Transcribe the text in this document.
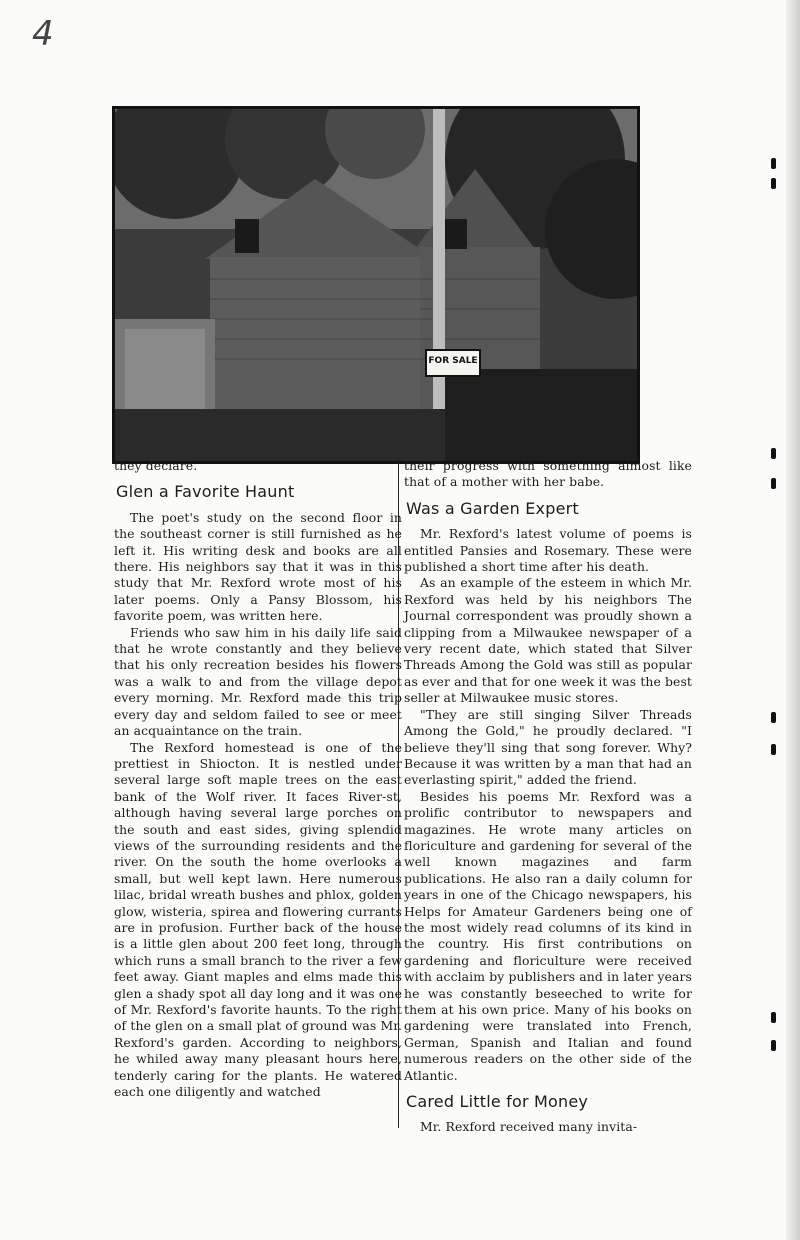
4
FOR SALE

they declare.

Glen a Favorite Haunt

The poet's study on the second floor in the southeast corner is still furnished as he left it. His writing desk and books are all there. His neighbors say that it was in this study that Mr. Rexford wrote most of his later poems. Only a Pansy Blossom, his favorite poem, was written here.

Friends who saw him in his daily life said that he wrote constantly and they believe that his only recreation besides his flowers was a walk to and from the village depot every morning. Mr. Rexford made this trip every day and seldom failed to see or meet an acquaintance on the train.

The Rexford homestead is one of the prettiest in Shiocton. It is nestled under several large soft maple trees on the east bank of the Wolf river. It faces River-st, although having several large porches on the south and east sides, giving splendid views of the surrounding residents and the river. On the south the home overlooks a small, but well kept lawn. Here numerous lilac, bridal wreath bushes and phlox, golden glow, wisteria, spirea and flowering currants are in profusion. Further back of the house is a little glen about 200 feet long, through which runs a small branch to the river a few feet away. Giant maples and elms made this glen a shady spot all day long and it was one of Mr. Rexford's favorite haunts. To the right of the glen on a small plat of ground was Mr. Rexford's garden. According to neighbors, he whiled away many pleasant hours here, tenderly caring for the plants. He watered each one diligently and watched

their progress with something almost like that of a mother with her babe.

Was a Garden Expert

Mr. Rexford's latest volume of poems is entitled Pansies and Rosemary. These were published a short time after his death.

As an example of the esteem in which Mr. Rexford was held by his neighbors The Journal correspondent was proudly shown a clipping from a Milwaukee newspaper of a very recent date, which stated that Silver Threads Among the Gold was still as popular as ever and that for one week it was the best seller at Milwaukee music stores.

"They are still singing Silver Threads Among the Gold," he proudly declared. "I believe they'll sing that song forever. Why? Because it was written by a man that had an everlasting spirit," added the friend.

Besides his poems Mr. Rexford was a prolific contributor to newspapers and magazines. He wrote many articles on floriculture and gardening for several of the well known magazines and farm publications. He also ran a daily column for years in one of the Chicago newspapers, his Helps for Amateur Gardeners being one of the most widely read columns of its kind in the country. His first contributions on gardening and floriculture were received with acclaim by publishers and in later years he was constantly beseeched to write for them at his own price. Many of his books on gardening were translated into French, German, Spanish and Italian and found numerous readers on the other side of the Atlantic.

Cared Little for Money

Mr. Rexford received many invita-
